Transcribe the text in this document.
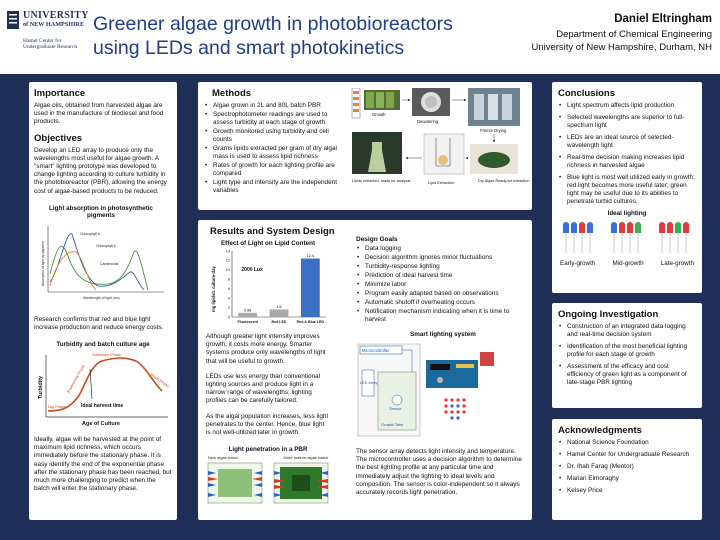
UNIVERSITY
of NEW HAMPSHIRE
Hamel Center for
Undergraduate Research
Greener algae growth in photobioreactors
using LEDs and smart photokinetics
Daniel Eltringham
Department of Chemical Engineering
University of New Hampshire, Durham, NH
Importance
Algae oils, obtained from harvested algae are used in the manufacture of biodiesel and food products.
Objectives
Develop an LED array to produce only the wavelengths most useful for algae growth. A "smart" lighting prototype was developed to change lighting according to culture turbidity in the photobioreactor (PBR), allowing the energy cost of algae-based products to be reduced.
Light absorption in photosynthetic pigments
Absorption of light by pigment
Wavelength of light (nm)
Chlorophyll a
Chlorophyll b
Carotenoids
Research confirms that red and blue light increase production and reduce energy costs.
Turbidity and batch culture age
Turbidity
Age of Culture
Stationary Phase
Death Phase
Exponential Phase
Lag Phase	Ideal harvest time
Ideally, algae will be harvested at the point of maximum lipid richness, which occurs immediately before the stationary phase. It is easy identify the end of the exponential phase after the stationary phase has been reached, but much more challenging to predict when the batch will enter the stationary phase.
Methods
• Algae grown in 2L and 80L batch PBR
• Spectrophotometer readings are used to assess turbidity at each stage of growth
• Growth monitored using turbidity and cell counts
• Grams lipids extracted per gram of dry algal mass is used to assess lipid richness
• Rates of growth for each lighting profile are compared
• Light type and intensity are the independent variables
Growth
Dewatering
Freeze Drying
Lipids extracted, ready for analysis	Lipid Extraction	Dry Algae Ready for extraction
Results and System Design
Effect of Light on Lipid Content
0
2
4
6
8
10
12
14
mg lipids/L culture-day	0.88
Fluorescent
1.6
Red LED
12.4
Red & Blue LED
2000 Lux
Although greater light intensity improves growth, it costs more energy. Smarter systems produce only wavelengths of light that will be useful to growth.
LEDs use less energy than conventional lighting sources and produce light in a narrow range of wavelengths; lighting profiles can be carefully tailored.
As the algal population increases, less light penetrates to the center. Hence, blue light is not well-utilized later in growth.
Light penetration in a PBR
New algae batch	More mature algae batch
Design Goals
• Data logging
• Decision algorithm ignores minor fluctuations
• Turbidity-response lighting
• Prediction of ideal harvest time
• Minimize labor
• Program easily adapted based on observations
• Automatic shutoff if overheating occurs
• Notification mechanism indicating when it is time to harvest
Smart lighting system
Microcontroller
LED Array
Sensor
Growth Tank
The sensor array detects light intensity and temperature. The microcontroller uses a decision algorithm to determine the best lighting profile at any particular time and immediately adjust the lighting to ideal levels and composition. The sensor is color-independent so it always accurately records light penetration.
Conclusions
• Light spectrum affects lipid production
• Selected wavelengths are superior to full-spectrum light
• LEDs are an ideal source of selected-wavelength light
• Real-time decision making increases lipid richness in harvested algae
• Blue light is most well utilized early in growth; red light becomes more useful later; green light may be useful due to its abilities to penetrate turbid cultures.
Ideal lighting
Early-growth	Mid-growth	Late-growth
Ongoing Investigation
• Construction of an integrated data logging and real-time decision system
• Identification of the most beneficial lighting profile for each stage of growth
• Assessment of the efficacy and cost efficiency of green light as a component of late-stage PBR lighting
Acknowledgments
• National Science Foundation
• Hamel Center for Undergraduate Research
• Dr. Ihab Farag (Mentor)
• Marian Elmoraghy
• Kelsey Price
